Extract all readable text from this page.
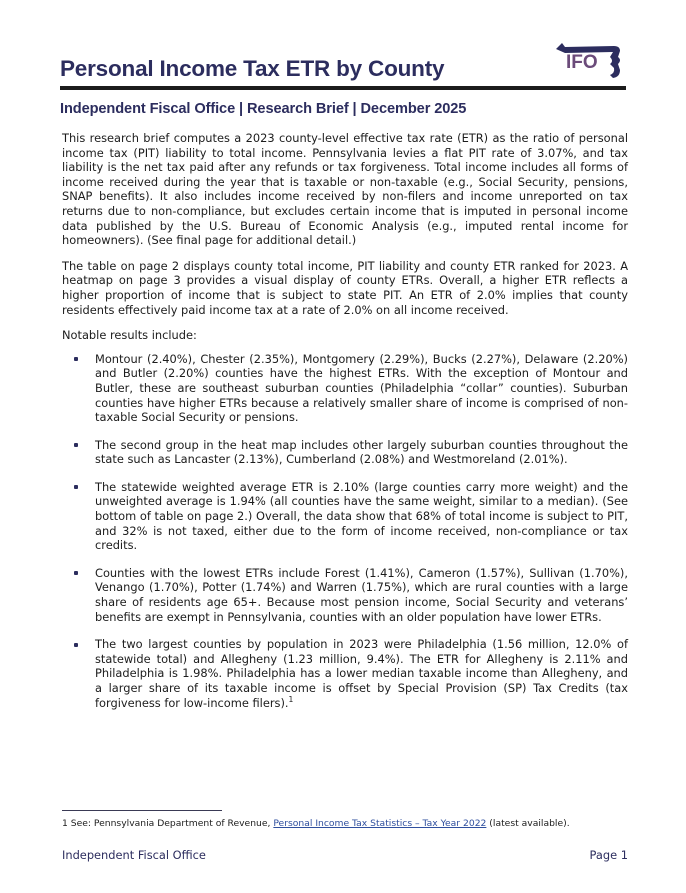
Personal Income Tax ETR by County	IFO
Independent Fiscal Office | Research Brief | December 2025

This research brief computes a 2023 county-level effective tax rate (ETR) as the ratio of personal income tax (PIT) liability to total income. Pennsylvania levies a flat PIT rate of 3.07%, and tax liability is the net tax paid after any refunds or tax forgiveness. Total income includes all forms of income received during the year that is taxable or non-taxable (e.g., Social Security, pensions, SNAP benefits). It also includes income received by non-filers and income unreported on tax returns due to non-compliance, but excludes certain income that is imputed in personal income data published by the U.S. Bureau of Economic Analysis (e.g., imputed rental income for homeowners). (See final page for additional detail.)

The table on page 2 displays county total income, PIT liability and county ETR ranked for 2023. A heatmap on page 3 provides a visual display of county ETRs. Overall, a higher ETR reflects a higher proportion of income that is subject to state PIT. An ETR of 2.0% implies that county residents effectively paid income tax at a rate of 2.0% on all income received.

Notable results include:

Montour (2.40%), Chester (2.35%), Montgomery (2.29%), Bucks (2.27%), Delaware (2.20%) and Butler (2.20%) counties have the highest ETRs. With the exception of Montour and Butler, these are southeast suburban counties (Philadelphia “collar” counties). Suburban counties have higher ETRs because a relatively smaller share of income is comprised of non-taxable Social Security or pensions.
The second group in the heat map includes other largely suburban counties throughout the state such as Lancaster (2.13%), Cumberland (2.08%) and Westmoreland (2.01%).
The statewide weighted average ETR is 2.10% (large counties carry more weight) and the unweighted average is 1.94% (all counties have the same weight, similar to a median). (See bottom of table on page 2.) Overall, the data show that 68% of total income is subject to PIT, and 32% is not taxed, either due to the form of income received, non-compliance or tax credits.
Counties with the lowest ETRs include Forest (1.41%), Cameron (1.57%), Sullivan (1.70%), Venango (1.70%), Potter (1.74%) and Warren (1.75%), which are rural counties with a large share of residents age 65+. Because most pension income, Social Security and veterans’ benefits are exempt in Pennsylvania, counties with an older population have lower ETRs.
The two largest counties by population in 2023 were Philadelphia (1.56 million, 12.0% of statewide total) and Allegheny (1.23 million, 9.4%). The ETR for Allegheny is 2.11% and Philadelphia is 1.98%. Philadelphia has a lower median taxable income than Allegheny, and a larger share of its taxable income is offset by Special Provision (SP) Tax Credits (tax forgiveness for low-income filers).$^1$
1 See: Pennsylvania Department of Revenue, Personal Income Tax Statistics – Tax Year 2022 (latest available).
Independent Fiscal Office	Page 1
